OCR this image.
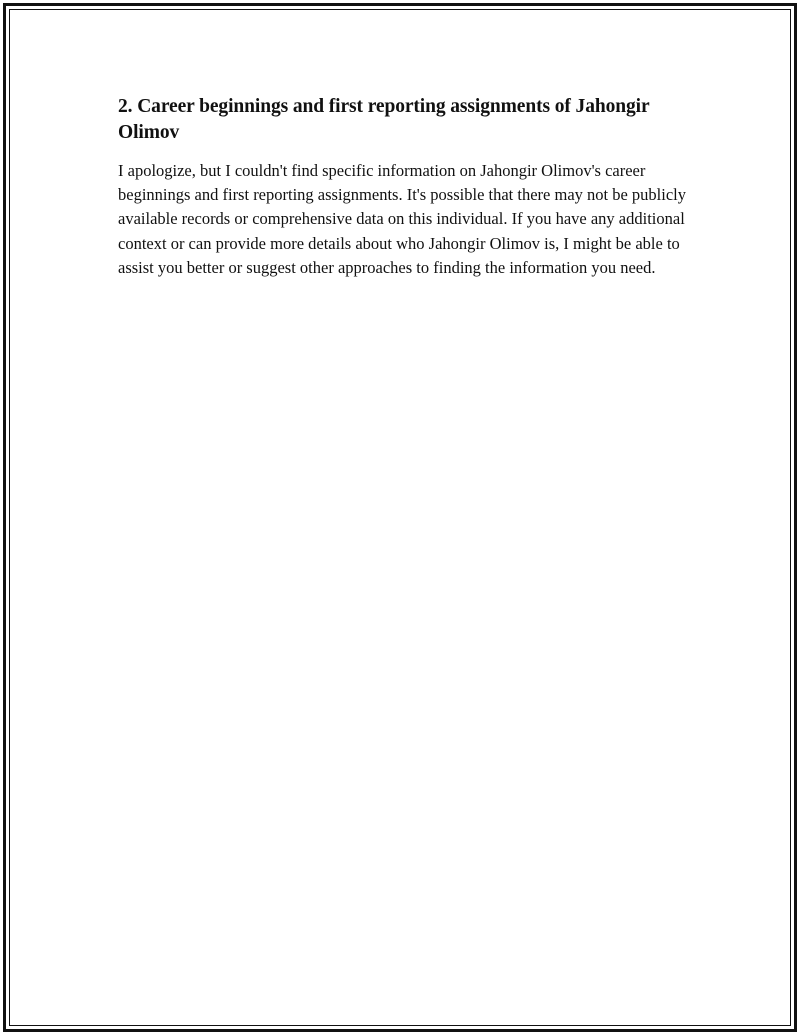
2. Career beginnings and first reporting assignments of Jahongir Olimov

I apologize, but I couldn't find specific information on Jahongir Olimov's career beginnings and first reporting assignments. It's possible that there may not be publicly available records or comprehensive data on this individual. If you have any additional context or can provide more details about who Jahongir Olimov is, I might be able to assist you better or suggest other approaches to finding the information you need.
